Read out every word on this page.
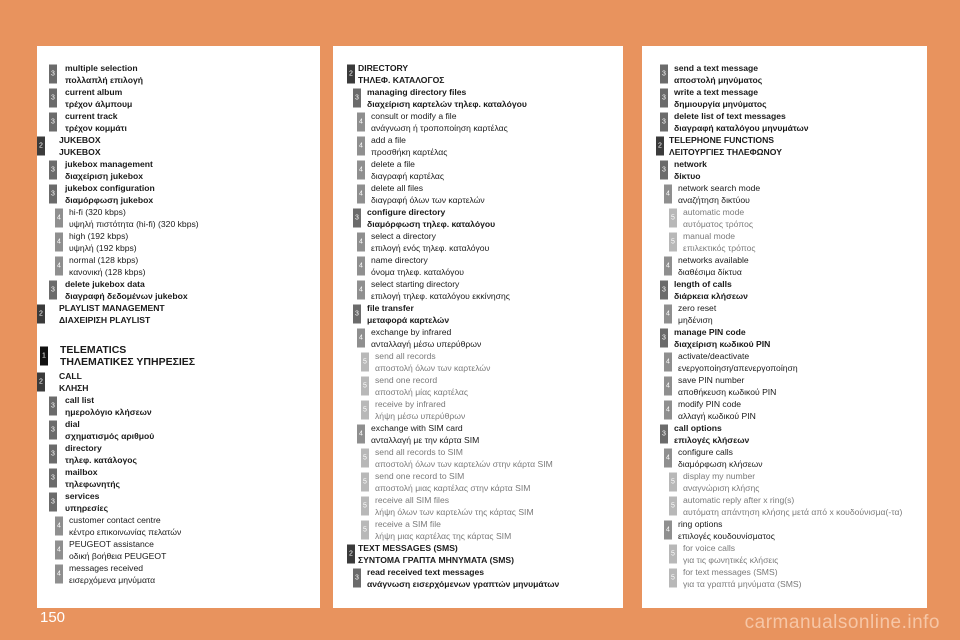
3
multiple selection
πολλαπλή επιλογή
3
current album
τρέχον άλμπουμ
3
current track
τρέχον κομμάτι
2
JUKEBOX
JUKEBOX
3
jukebox management
διαχείριση jukebox
3
jukebox configuration
διαμόρφωση jukebox
4
hi-fi (320 kbps)
υψηλή πιστότητα (hi-fi) (320 kbps)
4
high (192 kbps)
υψηλή (192 kbps)
4
normal (128 kbps)
κανονική (128 kbps)
3
delete jukebox data
διαγραφή δεδομένων jukebox
2
PLAYLIST MANAGEMENT
ΔΙΑΧΕΙΡΙΣΗ PLAYLIST
1 TELEMATICS
ΤΗΛΕΜΑΤΙΚΕΣ ΥΠΗΡΕΣΙΕΣ
2
CALL
ΚΛΗΣΗ
3
call list
ημερολόγιο κλήσεων
3
dial
σχηματισμός αριθμού
3
directory
τηλεφ. κατάλογος
3
mailbox
τηλεφωνητής
3
services
υπηρεσίες
4
customer contact centre
κέντρο επικοινωνίας πελατών
4
PEUGEOT assistance
οδική βοήθεια PEUGEOT
4
messages received
εισερχόμενα μηνύματα
2
DIRECTORY
ΤΗΛΕΦ. ΚΑΤΑΛΟΓΟΣ
3
managing directory files
διαχείριση καρτελών τηλεφ. καταλόγου
4
consult or modify a file
ανάγνωση ή τροποποίηση καρτέλας
4
add a file
προσθήκη καρτέλας
4
delete a file
διαγραφή καρτέλας
4
delete all files
διαγραφή όλων των καρτελών
3
configure directory
διαμόρφωση τηλεφ. καταλόγου
4
select a directory
επιλογή ενός τηλεφ. καταλόγου
4
name directory
όνομα τηλεφ. καταλόγου
4
select starting directory
επιλογή τηλεφ. καταλόγου εκκίνησης
3
file transfer
μεταφορά καρτελών
4
exchange by infrared
ανταλλαγή μέσω υπερύθρων
5
send all records
αποστολή όλων των καρτελών
5
send one record
αποστολή μίας καρτέλας
5
receive by infrared
λήψη μέσω υπερύθρων
4
exchange with SIM card
ανταλλαγή με την κάρτα SIM
5
send all records to SIM
αποστολή όλων των καρτελών στην κάρτα SIM
5
send one record to SIM
αποστολή μιας καρτέλας στην κάρτα SIM
5
receive all SIM files
λήψη όλων των καρτελών της κάρτας SIM
5
receive a SIM file
λήψη μιας καρτέλας της κάρτας SIM
2
TEXT MESSAGES (SMS)
ΣΥΝΤΟΜΑ ΓΡΑΠΤΑ ΜΗΝΥΜΑΤΑ (SMS)
3
read received text messages
ανάγνωση εισερχόμενων γραπτών μηνυμάτων
3
send a text message
αποστολή μηνύματος
3
write a text message
δημιουργία μηνύματος
3
delete list of text messages
διαγραφή καταλόγου μηνυμάτων
2
TELEPHONE FUNCTIONS
ΛΕΙΤΟΥΡΓΙΕΣ ΤΗΛΕΦΩΝΟΥ
3
network
δίκτυο
4
network search mode
αναζήτηση δικτύου
5
automatic mode
αυτόματος τρόπος
5
manual mode
επιλεκτικός τρόπος
4
networks available
διαθέσιμα δίκτυα
3
length of calls
διάρκεια κλήσεων
4
zero reset
μηδένιση
3
manage PIN code
διαχείριση κωδικού PIN
4
activate/deactivate
ενεργοποίηση/απενεργοποίηση
4
save PIN number
αποθήκευση κωδικού PIN
4
modify PIN code
αλλαγή κωδικού PIN
3
call options
επιλογές κλήσεων
4
configure calls
διαμόρφωση κλήσεων
5
display my number
αναγνώριση κλήσης
5
automatic reply after x ring(s)
αυτόματη απάντηση κλήσης μετά από x κουδούνισμα(-τα)
4
ring options
επιλογές κουδουνίσματος
5
for voice calls
για τις φωνητικές κλήσεις
5
for text messages (SMS)
για τα γραπτά μηνύματα (SMS)
150	carmanualsonline.info
